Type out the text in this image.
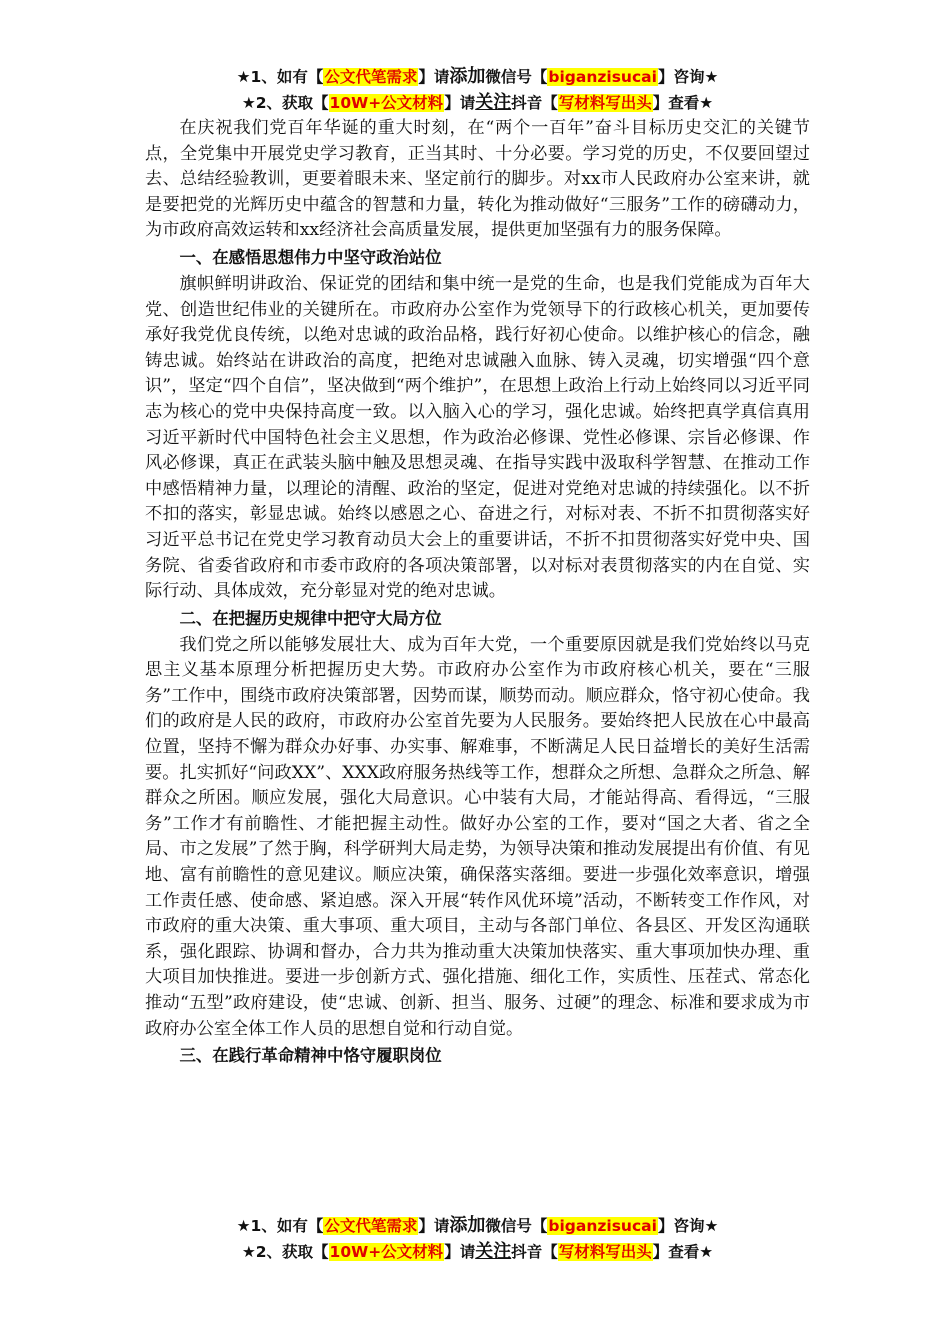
★1、如有【公文代笔需求】请添加微信号【biganzisucai】咨询★
★2、获取【10W+公文材料】请关注抖音【写材料写出头】查看★

在庆祝我们党百年华诞的重大时刻，在“两个一百年”奋斗目标历史交汇的关键节点，全党集中开展党史学习教育，正当其时、十分必要。学习党的历史，不仅要回望过去、总结经验教训，更要着眼未来、坚定前行的脚步。对xx市人民政府办公室来讲，就是要把党的光辉历史中蕴含的智慧和力量，转化为推动做好“三服务”工作的磅礴动力，为市政府高效运转和xx经济社会高质量发展，提供更加坚强有力的服务保障。

一、在感悟思想伟力中坚守政治站位

旗帜鲜明讲政治、保证党的团结和集中统一是党的生命，也是我们党能成为百年大党、创造世纪伟业的关键所在。市政府办公室作为党领导下的行政核心机关，更加要传承好我党优良传统，以绝对忠诚的政治品格，践行好初心使命。以维护核心的信念，融铸忠诚。始终站在讲政治的高度，把绝对忠诚融入血脉、铸入灵魂，切实增强“四个意识”，坚定“四个自信”，坚决做到“两个维护”，在思想上政治上行动上始终同以习近平同志为核心的党中央保持高度一致。以入脑入心的学习，强化忠诚。始终把真学真信真用习近平新时代中国特色社会主义思想，作为政治必修课、党性必修课、宗旨必修课、作风必修课，真正在武装头脑中触及思想灵魂、在指导实践中汲取科学智慧、在推动工作中感悟精神力量，以理论的清醒、政治的坚定，促进对党绝对忠诚的持续强化。以不折不扣的落实，彰显忠诚。始终以感恩之心、奋进之行，对标对表、不折不扣贯彻落实好习近平总书记在党史学习教育动员大会上的重要讲话，不折不扣贯彻落实好党中央、国务院、省委省政府和市委市政府的各项决策部署，以对标对表贯彻落实的内在自觉、实际行动、具体成效，充分彰显对党的绝对忠诚。

二、在把握历史规律中把守大局方位

我们党之所以能够发展壮大、成为百年大党，一个重要原因就是我们党始终以马克思主义基本原理分析把握历史大势。市政府办公室作为市政府核心机关，要在“三服务”工作中，围绕市政府决策部署，因势而谋，顺势而动。顺应群众，恪守初心使命。我们的政府是人民的政府，市政府办公室首先要为人民服务。要始终把人民放在心中最高位置，坚持不懈为群众办好事、办实事、解难事，不断满足人民日益增长的美好生活需要。扎实抓好“问政XX”、XXX政府服务热线等工作，想群众之所想、急群众之所急、解群众之所困。顺应发展，强化大局意识。心中装有大局，才能站得高、看得远，“三服务”工作才有前瞻性、才能把握主动性。做好办公室的工作，要对“国之大者、省之全局、市之发展”了然于胸，科学研判大局走势，为领导决策和推动发展提出有价值、有见地、富有前瞻性的意见建议。顺应决策，确保落实落细。要进一步强化效率意识，增强工作责任感、使命感、紧迫感。深入开展“转作风优环境”活动，不断转变工作作风，对市政府的重大决策、重大事项、重大项目，主动与各部门单位、各县区、开发区沟通联系，强化跟踪、协调和督办，合力共为推动重大决策加快落实、重大事项加快办理、重大项目加快推进。要进一步创新方式、强化措施、细化工作，实质性、压茬式、常态化推动“五型”政府建设，使“忠诚、创新、担当、服务、过硬”的理念、标准和要求成为市政府办公室全体工作人员的思想自觉和行动自觉。

三、在践行革命精神中恪守履职岗位

★1、如有【公文代笔需求】请添加微信号【biganzisucai】咨询★
★2、获取【10W+公文材料】请关注抖音【写材料写出头】查看★
